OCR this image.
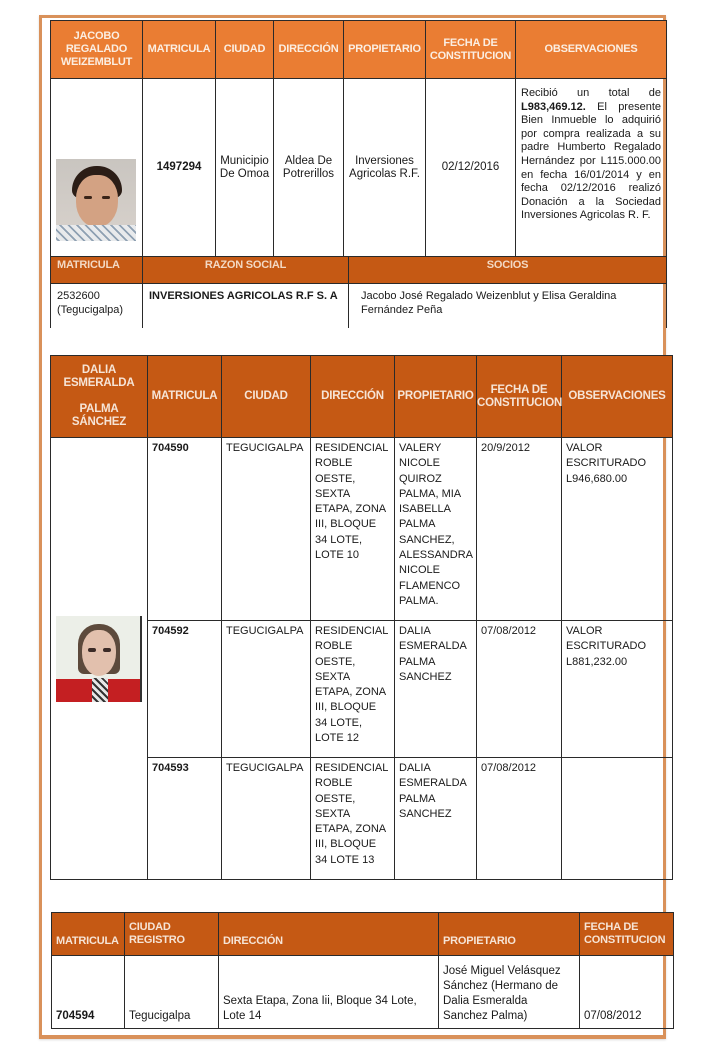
JACOBO
REGALADO
WEIZEMBLUT	MATRICULA	CIUDAD	DIRECCIÓN	PROPIETARIO	FECHA DE CONSTITUCION	OBSERVACIONES

	1497294	Municipio De Omoa	Aldea De Potrerillos	Inversiones Agricolas R.F.	02/12/2016	Recibió un total de L983,469.12. El presente Bien Inmueble lo adquirió por compra realizada a su padre Humberto Regalado Hernández por L115.000.00 en fecha 16/01/2014 y en fecha 02/12/2016 realizó Donación a la Sociedad Inversiones Agricolas R. F.
MATRICULA	RAZON SOCIAL	SOCIOS
2532600 (Tegucigalpa)	INVERSIONES AGRICOLAS R.F S. A	Jacobo José Regalado Weizenblut y Elisa Geraldina Fernández Peña
DALIA
ESMERALDA

PALMA
SÁNCHEZ	MATRICULA	CIUDAD	DIRECCIÓN	PROPIETARIO	FECHA DE CONSTITUCION	OBSERVACIONES

	704590	TEGUCIGALPA	RESIDENCIAL ROBLE OESTE, SEXTA ETAPA, ZONA III, BLOQUE 34 LOTE, LOTE 10	VALERY NICOLE QUIROZ PALMA, MIA ISABELLA PALMA SANCHEZ, ALESSANDRA NICOLE FLAMENCO PALMA.	20/9/2012	VALOR ESCRITURADO L946,680.00
	704592	TEGUCIGALPA	RESIDENCIAL ROBLE OESTE, SEXTA ETAPA, ZONA III, BLOQUE 34 LOTE, LOTE 12	DALIA ESMERALDA PALMA SANCHEZ	07/08/2012	VALOR ESCRITURADO L881,232.00
	704593	TEGUCIGALPA	RESIDENCIAL ROBLE OESTE, SEXTA ETAPA, ZONA III, BLOQUE 34 LOTE 13	DALIA ESMERALDA PALMA SANCHEZ	07/08/2012	
MATRICULA	CIUDAD REGISTRO	DIRECCIÓN	PROPIETARIO	FECHA DE CONSTITUCION
704594	Tegucigalpa	Sexta Etapa, Zona Iii, Bloque 34 Lote, Lote 14	José Miguel Velásquez Sánchez (Hermano de Dalia Esmeralda Sanchez Palma)	07/08/2012
